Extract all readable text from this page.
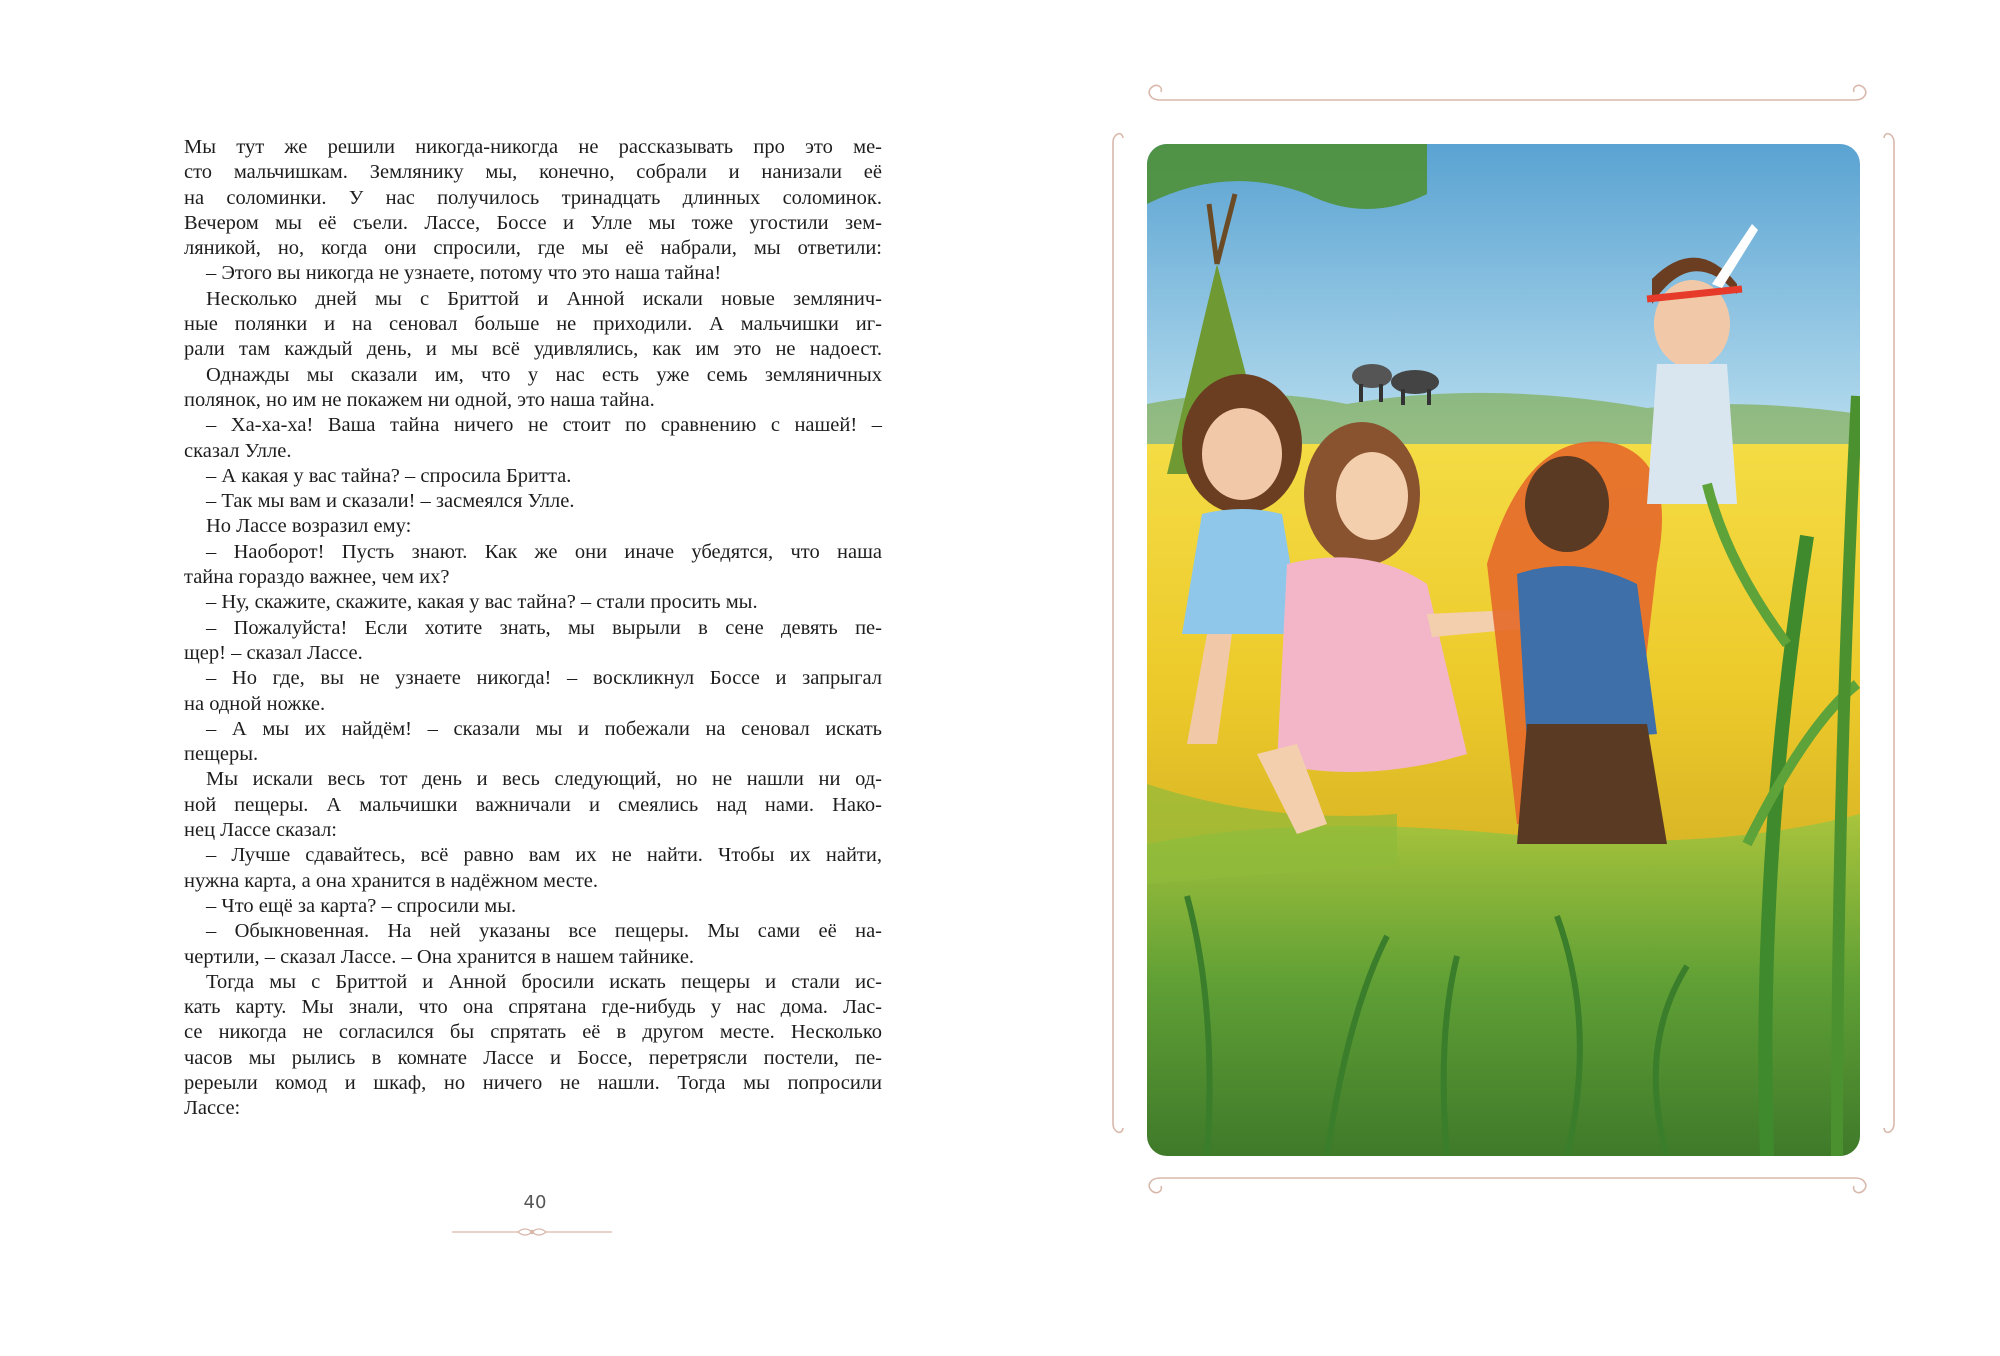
Мы тут же решили никогда-никогда не рассказывать про это ме-
сто мальчишкам. Землянику мы, конечно, собрали и нанизали её
на соломинки. У нас получилось тринадцать длинных соломинок.
Вечером мы её съели. Лассе, Боссе и Улле мы тоже угостили зем-
ляникой, но, когда они спросили, где мы её набрали, мы ответили:
– Этого вы никогда не узнаете, потому что это наша тайна!
Несколько дней мы с Бриттой и Анной искали новые землянич-
ные полянки и на сеновал больше не приходили. А мальчишки иг-
рали там каждый день, и мы всё удивлялись, как им это не надоест.
Однажды мы сказали им, что у нас есть уже семь земляничных
полянок, но им не покажем ни одной, это наша тайна.
– Ха-ха-ха! Ваша тайна ничего не стоит по сравнению с нашей! –
сказал Улле.
– А какая у вас тайна? – спросила Бритта.
– Так мы вам и сказали! – засмеялся Улле.
Но Лассе возразил ему:
– Наоборот! Пусть знают. Как же они иначе убедятся, что наша
тайна гораздо важнее, чем их?
– Ну, скажите, скажите, какая у вас тайна? – стали просить мы.
– Пожалуйста! Если хотите знать, мы вырыли в сене девять пе-
щер! – сказал Лассе.
– Но где, вы не узнаете никогда! – воскликнул Боссе и запрыгал
на одной ножке.
– А мы их найдём! – сказали мы и побежали на сеновал искать
пещеры.
Мы искали весь тот день и весь следующий, но не нашли ни од-
ной пещеры. А мальчишки важничали и смеялись над нами. Нако-
нец Лассе сказал:
– Лучше сдавайтесь, всё равно вам их не найти. Чтобы их найти,
нужна карта, а она хранится в надёжном месте.
– Что ещё за карта? – спросили мы.
– Обыкновенная. На ней указаны все пещеры. Мы сами её на-
чертили, – сказал Лассе. – Она хранится в нашем тайнике.
Тогда мы с Бриттой и Анной бросили искать пещеры и стали ис-
кать карту. Мы знали, что она спрятана где-нибудь у нас дома. Лас-
се никогда не согласился бы спрятать её в другом месте. Несколько
часов мы рылись в комнате Лассе и Боссе, перетрясли постели, пе-
ререыли комод и шкаф, но ничего не нашли. Тогда мы попросили
Лассе:
40
